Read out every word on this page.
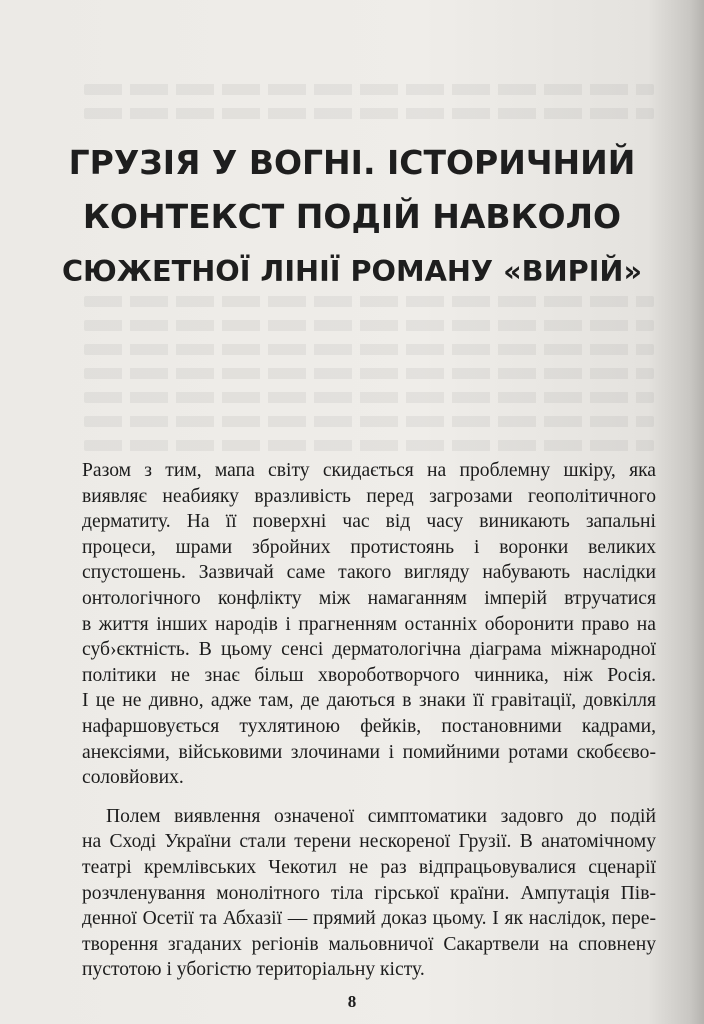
ГРУЗІЯ У ВОГНІ. ІСТОРИЧНИЙ
КОНТЕКСТ ПОДІЙ НАВКОЛО
СЮЖЕТНОЇ ЛІНІЇ РОМАНУ «ВИРІЙ»

Разом з тим, мапа світу скидається на проблемну шкіру, яка
виявляє неабияку вразливість перед загрозами геополітичного
дерматиту. На її поверхні час від часу виникають запальні
процеси, шрами збройних протистоянь і воронки великих
спустошень. Зазвичай саме такого вигляду набувають наслідки
онтологічного конфлікту між намаганням імперій втручатися
в життя інших народів і прагненням останніх оборонити право на
суб›єктність. В цьому сенсі дерматологічна діаграма міжнародної
політики не знає більш хвороботворчого чинника, ніж Росія.
І це не дивно, адже там, де даються в знаки її гравітації, довкілля
нафаршовується тухлятиною фейків, постановними кадрами,
анексіями, військовими злочинами і помийними ротами скобєєво-
соловйових.

Полем виявлення означеної симптоматики задовго до подій
на Сході України стали терени нескореної Грузії. В анатомічному
театрі кремлівських Чекотил не раз відпрацьовувалися сценарії
розчленування монолітного тіла гірської країни. Ампутація Пів-
денної Осетії та Абхазії — прямий доказ цьому. І як наслідок, пере-
творення згаданих регіонів мальовничої Сакартвели на сповнену
пустотою і убогістю територіальну кісту.

8
